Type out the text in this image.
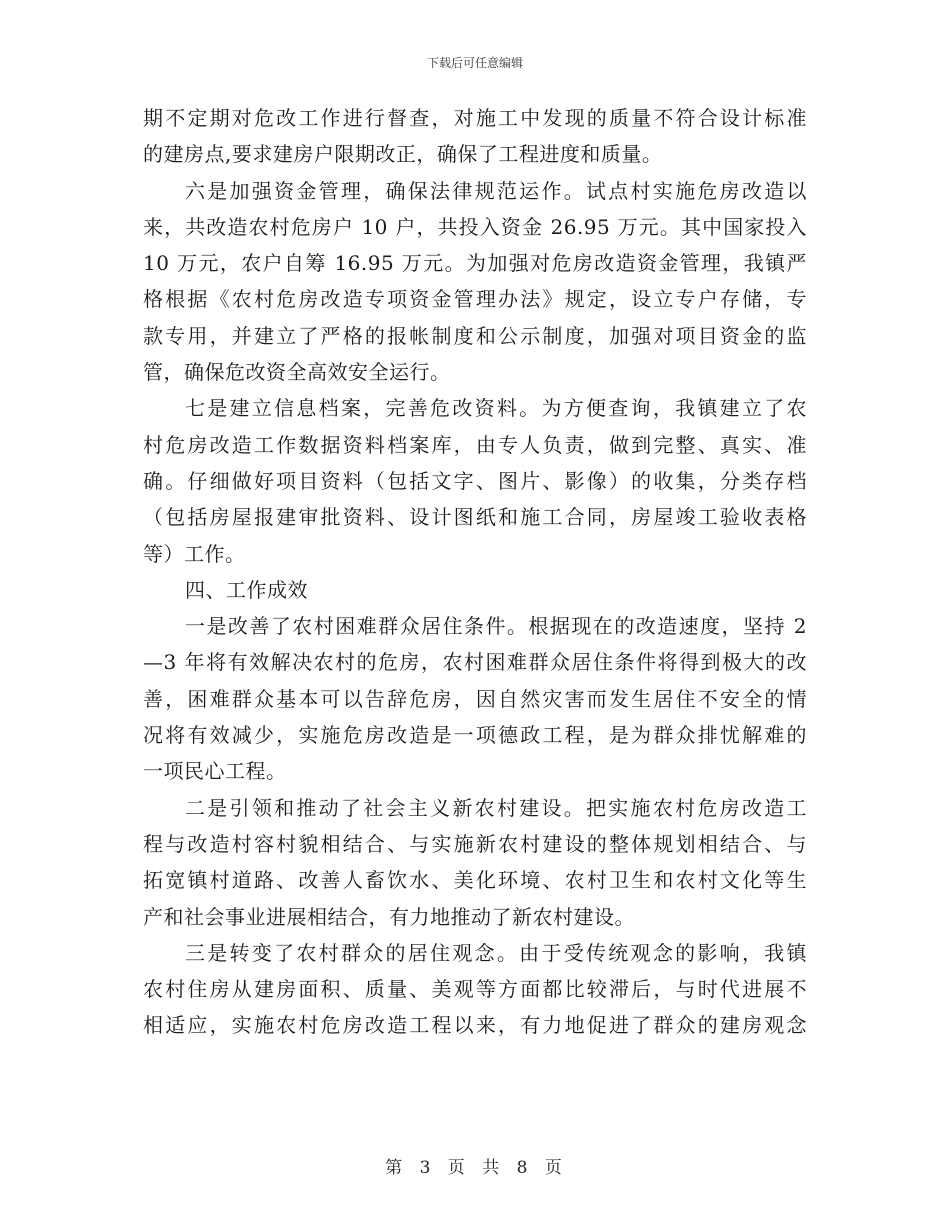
下载后可任意编辑
期不定期对危改工作进行督查，对施工中发现的质量不符合设计标准
的建房点,要求建房户限期改正，确保了工程进度和质量。
六是加强资金管理，确保法律规范运作。试点村实施危房改造以
来，共改造农村危房户 10 户，共投入资金 26.95 万元。其中国家投入
10 万元，农户自筹 16.95 万元。为加强对危房改造资金管理，我镇严
格根据《农村危房改造专项资金管理办法》规定，设立专户存储，专
款专用，并建立了严格的报帐制度和公示制度，加强对项目资金的监
管，确保危改资全高效安全运行。
七是建立信息档案，完善危改资料。为方便查询，我镇建立了农
村危房改造工作数据资料档案库，由专人负责，做到完整、真实、准
确。仔细做好项目资料（包括文字、图片、影像）的收集，分类存档
（包括房屋报建审批资料、设计图纸和施工合同，房屋竣工验收表格
等）工作。
四、工作成效
一是改善了农村困难群众居住条件。根据现在的改造速度，坚持 2
—3 年将有效解决农村的危房，农村困难群众居住条件将得到极大的改
善，困难群众基本可以告辞危房，因自然灾害而发生居住不安全的情
况将有效减少，实施危房改造是一项德政工程，是为群众排忧解难的
一项民心工程。
二是引领和推动了社会主义新农村建设。把实施农村危房改造工
程与改造村容村貌相结合、与实施新农村建设的整体规划相结合、与
拓宽镇村道路、改善人畜饮水、美化环境、农村卫生和农村文化等生
产和社会事业进展相结合，有力地推动了新农村建设。
三是转变了农村群众的居住观念。由于受传统观念的影响，我镇
农村住房从建房面积、质量、美观等方面都比较滞后，与时代进展不
相适应，实施农村危房改造工程以来，有力地促进了群众的建房观念
第 3 页 共 8 页
